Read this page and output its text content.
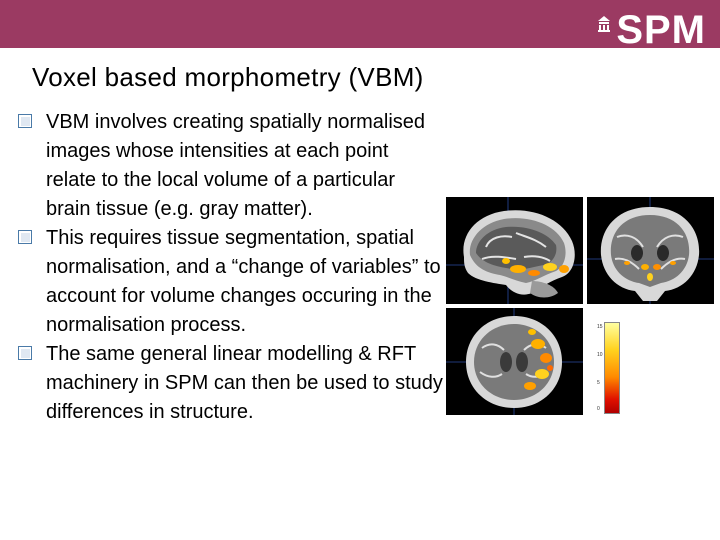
SPM
Voxel based morphometry (VBM)
VBM involves creating spatially normalised images whose intensities at each point relate to the local volume of a particular brain tissue (e.g. gray matter).
This requires tissue segmentation, spatial normalisation, and a “change of variables” to account for volume changes occuring in the normalisation process.
The same general linear modelling & RFT machinery in SPM can then be used to study differences in structure.
15
10
5
0
